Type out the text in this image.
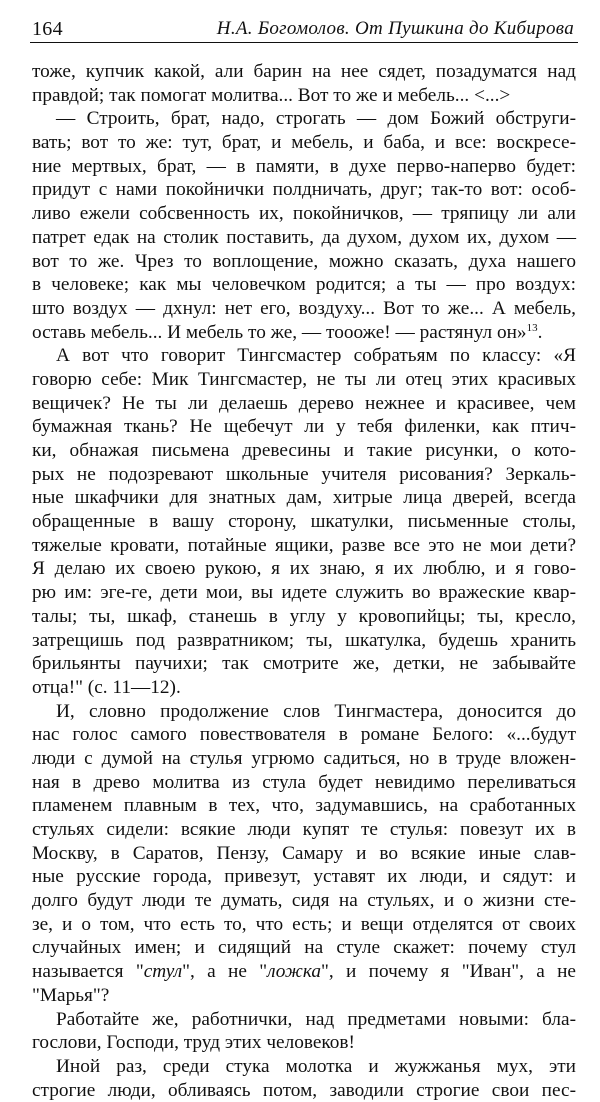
164	Н.А. Богомолов. От Пушкина до Кибирова
тоже, купчик какой, али барин на нее сядет, позадуматся над
правдой; так помогат молитва... Вот то же и мебель... <...>
— Строить, брат, надо, строгать — дом Божий обструги-
вать; вот то же: тут, брат, и мебель, и баба, и все: воскресе-
ние мертвых, брат, — в памяти, в духе перво-наперво будет:
придут с нами покойнички полдничать, друг; так-то вот: особ-
ливо ежели собсвенность их, покойничков, — тряпицу ли али
патрет едак на столик поставить, да духом, духом их, духом —
вот то же. Чрез то воплощение, можно сказать, духа нашего
в человеке; как мы человечком родится; а ты — про воздух:
што воздух — дхнул: нет его, воздуху... Вот то же... А мебель,
оставь мебель... И мебель то же, — тоооже! — растянул он»$^{13}$.
А вот что говорит Тингсмастер собратьям по классу: «Я
говорю себе: Мик Тингсмастер, не ты ли отец этих красивых
вещичек? Не ты ли делаешь дерево нежнее и красивее, чем
бумажная ткань? Не щебечут ли у тебя филенки, как птич-
ки, обнажая письмена древесины и такие рисунки, о кото-
рых не подозревают школьные учителя рисования? Зеркаль-
ные шкафчики для знатных дам, хитрые лица дверей, всегда
обращенные в вашу сторону, шкатулки, письменные столы,
тяжелые кровати, потайные ящики, разве все это не мои дети?
Я делаю их своею рукою, я их знаю, я их люблю, и я гово-
рю им: эге-ге, дети мои, вы идете служить во вражеские квар-
талы; ты, шкаф, станешь в углу у кровопийцы; ты, кресло,
затрещишь под развратником; ты, шкатулка, будешь хранить
брильянты паучихи; так смотрите же, детки, не забывайте
отца!" (с. 11—12).
И, словно продолжение слов Тингмастера, доносится до
нас голос самого повествователя в романе Белого: «...будут
люди с думой на стулья угрюмо садиться, но в труде вложен-
ная в древо молитва из стула будет невидимо переливаться
пламенем плавным в тех, что, задумавшись, на сработанных
стульях сидели: всякие люди купят те стулья: повезут их в
Москву, в Саратов, Пензу, Самару и во всякие иные слав-
ные русские города, привезут, уставят их люди, и сядут: и
долго будут люди те думать, сидя на стульях, и о жизни сте-
зе, и о том, что есть то, что есть; и вещи отделятся от своих
случайных имен; и сидящий на стуле скажет: почему стул
называется "стул", а не "ложка", и почему я "Иван", а не
"Марья"?
Работайте же, работнички, над предметами новыми: бла-
гослови, Господи, труд этих человеков!
Иной раз, среди стука молотка и жужжанья мух, эти
строгие люди, обливаясь потом, заводили строгие свои пес-
